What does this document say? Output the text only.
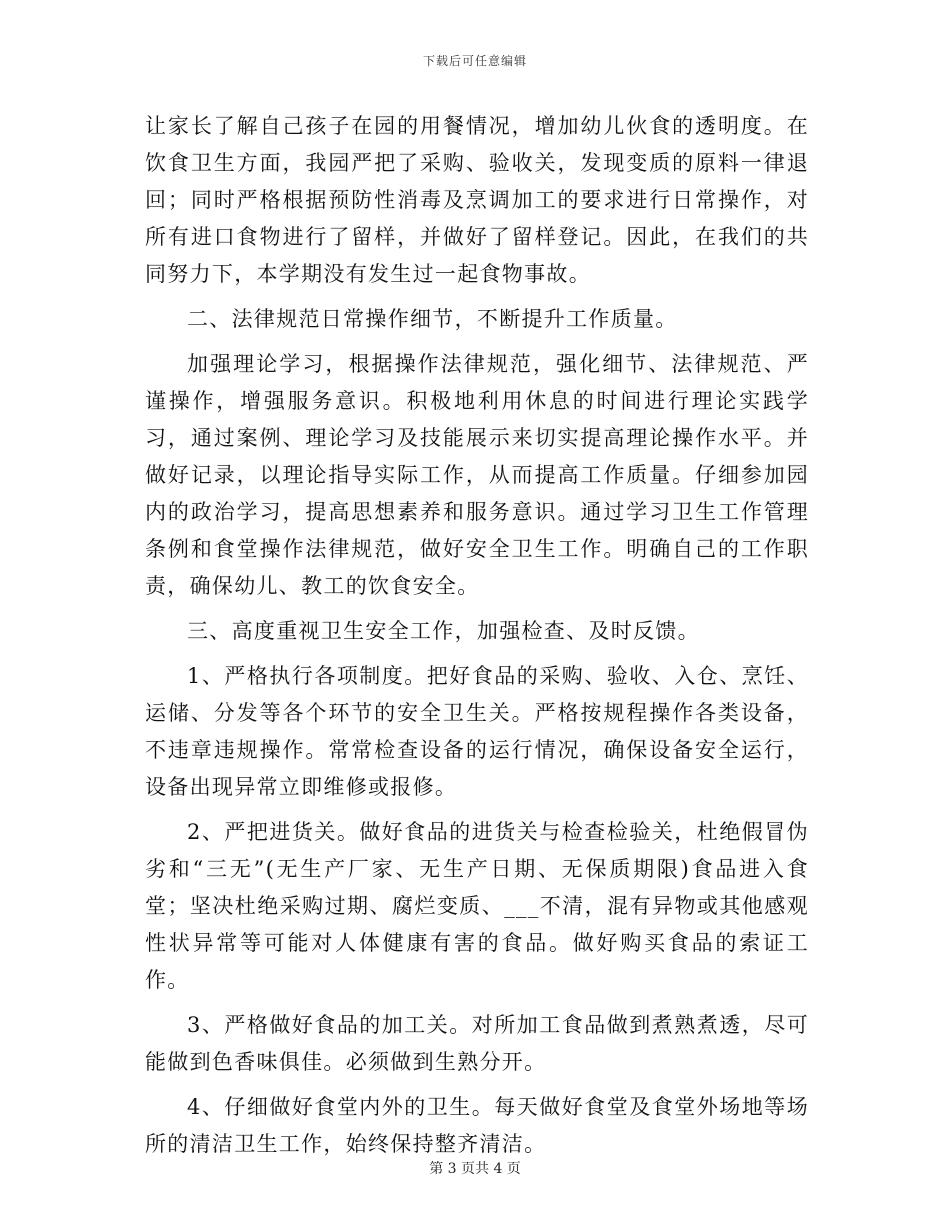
下载后可任意编辑

让家长了解自己孩子在园的用餐情况，增加幼儿伙食的透明度。在饮食卫生方面，我园严把了采购、验收关，发现变质的原料一律退回；同时严格根据预防性消毒及烹调加工的要求进行日常操作，对所有进口食物进行了留样，并做好了留样登记。因此，在我们的共同努力下，本学期没有发生过一起食物事故。

二、法律规范日常操作细节，不断提升工作质量。

加强理论学习，根据操作法律规范，强化细节、法律规范、严谨操作，增强服务意识。积极地利用休息的时间进行理论实践学习，通过案例、理论学习及技能展示来切实提高理论操作水平。并做好记录，以理论指导实际工作，从而提高工作质量。仔细参加园内的政治学习，提高思想素养和服务意识。通过学习卫生工作管理条例和食堂操作法律规范，做好安全卫生工作。明确自己的工作职责，确保幼儿、教工的饮食安全。

三、高度重视卫生安全工作，加强检查、及时反馈。

1、严格执行各项制度。把好食品的采购、验收、入仓、烹饪、运储、分发等各个环节的安全卫生关。严格按规程操作各类设备，不违章违规操作。常常检查设备的运行情况，确保设备安全运行，设备出现异常立即维修或报修。

2、严把进货关。做好食品的进货关与检查检验关，杜绝假冒伪劣和“三无”(无生产厂家、无生产日期、无保质期限)食品进入食堂；坚决杜绝采购过期、腐烂变质、___不清，混有异物或其他感观性状异常等可能对人体健康有害的食品。做好购买食品的索证工作。

3、严格做好食品的加工关。对所加工食品做到煮熟煮透，尽可能做到色香味俱佳。必须做到生熟分开。

4、仔细做好食堂内外的卫生。每天做好食堂及食堂外场地等场所的清洁卫生工作，始终保持整齐清洁。

第 3 页共 4 页
